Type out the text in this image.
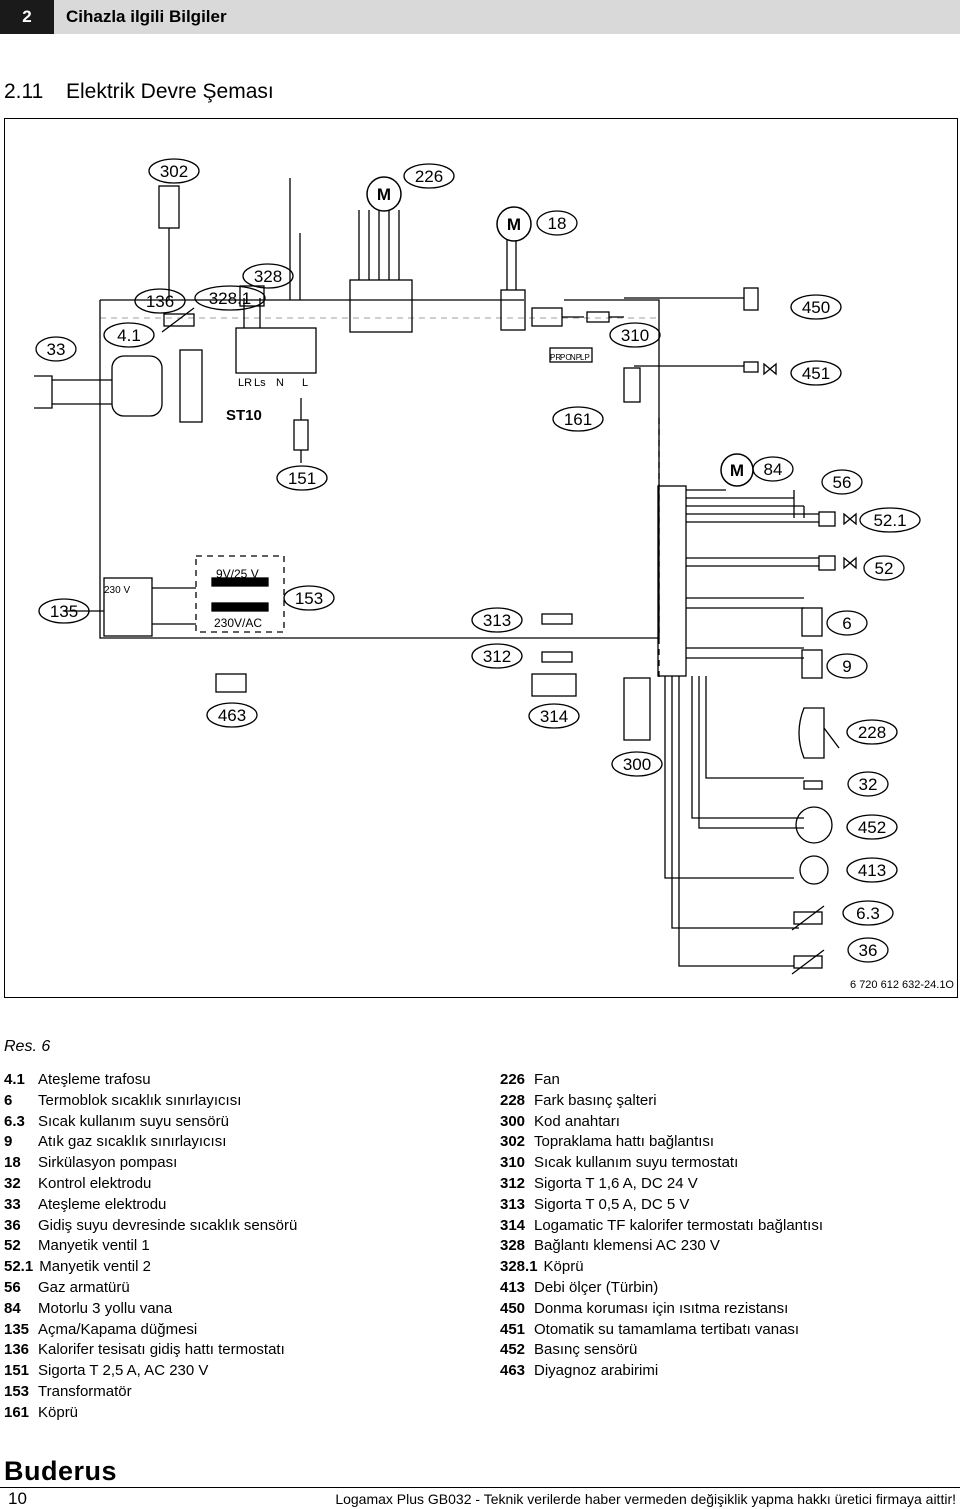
2	Cihazla ilgili Bilgiler
2.11 Elektrik Devre Şeması
M
M
M
302	226
18
328
136 328.1	450
33
4.1	310
451
161
151	84
56
52.1
135
153
52
313	6
312
9
463	314
228
300
32
452
413
6.3
36
ST10
9V/25 V
230V/AC
230 V
LR Ls N L
PR
PO
NP
LP
6 720 612 632-24.1O
Res. 6
4.1 Ateşleme trafosu
6 Termoblok sıcaklık sınırlayıcısı
6.3 Sıcak kullanım suyu sensörü
9 Atık gaz sıcaklık sınırlayıcısı
18 Sirkülasyon pompası
32 Kontrol elektrodu
33 Ateşleme elektrodu
36 Gidiş suyu devresinde sıcaklık sensörü
52 Manyetik ventil 1
52.1 Manyetik ventil 2
56 Gaz armatürü
84 Motorlu 3 yollu vana
135 Açma/Kapama düğmesi
136 Kalorifer tesisatı gidiş hattı termostatı
151 Sigorta T 2,5 A, AC 230 V
153 Transformatör
161 Köprü
226 Fan
228 Fark basınç şalteri
300 Kod anahtarı
302 Topraklama hattı bağlantısı
310 Sıcak kullanım suyu termostatı
312 Sigorta T 1,6 A, DC 24 V
313 Sigorta T 0,5 A, DC 5 V
314 Logamatic TF kalorifer termostatı bağlantısı
328 Bağlantı klemensi AC 230 V
328.1 Köprü
413 Debi ölçer (Türbin)
450 Donma koruması için ısıtma rezistansı
451 Otomatik su tamamlama tertibatı vanası
452 Basınç sensörü
463 Diyagnoz arabirimi
Buderus
10	Logamax Plus GB032 - Teknik verilerde haber vermeden değişiklik yapma hakkı üretici firmaya aittir!
